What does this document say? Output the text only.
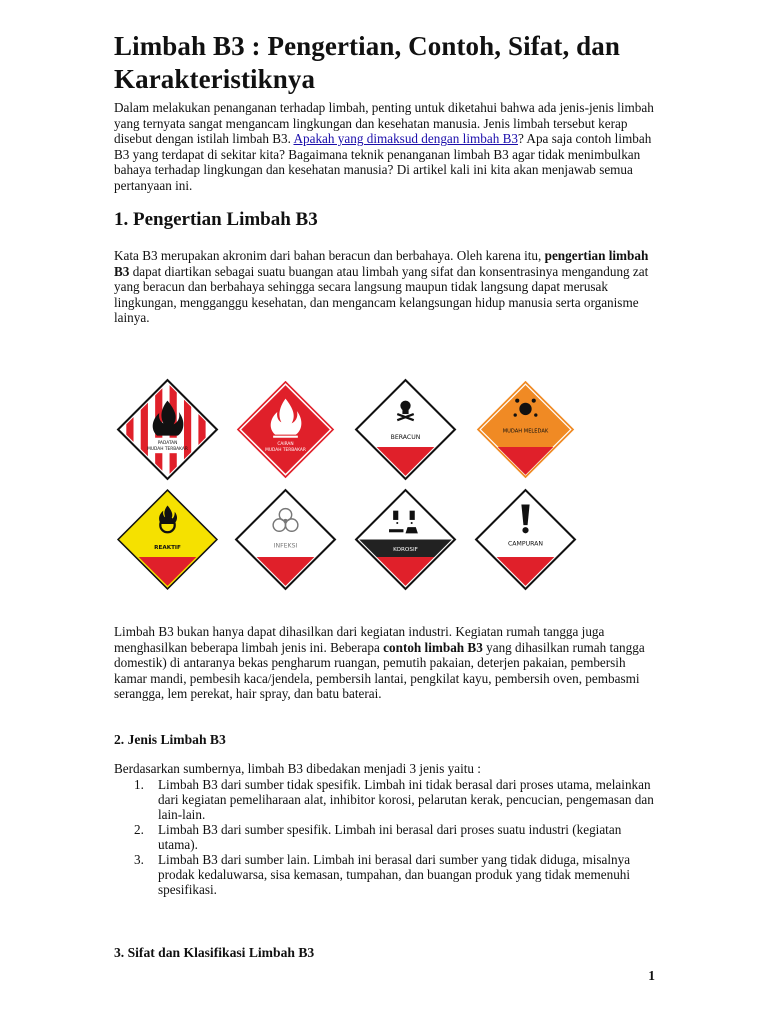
Limbah B3 : Pengertian, Contoh, Sifat, dan Karakteristiknya

Dalam melakukan penanganan terhadap limbah, penting untuk diketahui bahwa ada jenis-jenis limbah yang ternyata sangat mengancam lingkungan dan kesehatan manusia. Jenis limbah tersebut kerap disebut dengan istilah limbah B3. Apakah yang dimaksud dengan limbah B3? Apa saja contoh limbah B3 yang terdapat di sekitar kita? Bagaimana teknik penanganan limbah B3 agar tidak menimbulkan bahaya terhadap lingkungan dan kesehatan manusia? Di artikel kali ini kita akan menjawab semua pertanyaan ini.

1. Pengertian Limbah B3

Kata B3 merupakan akronim dari bahan beracun dan berbahaya. Oleh karena itu, pengertian limbah B3 dapat diartikan sebagai suatu buangan atau limbah yang sifat dan konsentrasinya mengandung zat yang beracun dan berbahaya sehingga secara langsung maupun tidak langsung dapat merusak lingkungan, mengganggu kesehatan, dan mengancam kelangsungan hidup manusia serta organisme lainya.

Limbah B3 bukan hanya dapat dihasilkan dari kegiatan industri. Kegiatan rumah tangga juga menghasilkan beberapa limbah jenis ini. Beberapa contoh limbah B3 yang dihasilkan rumah tangga domestik) di antaranya bekas pengharum ruangan, pemutih pakaian, deterjen pakaian, pembersih kamar mandi, pembesih kaca/jendela, pembersih lantai, pengkilat kayu, pembersih oven, pembasmi serangga, lem perekat, hair spray, dan batu baterai.

2. Jenis Limbah B3

Berdasarkan sumbernya, limbah B3 dibedakan menjadi 3 jenis yaitu :

1. Limbah B3 dari sumber tidak spesifik. Limbah ini tidak berasal dari proses utama, melainkan dari kegiatan pemeliharaan alat, inhibitor korosi, pelarutan kerak, pencucian, pengemasan dan lain-lain.
2. Limbah B3 dari sumber spesifik. Limbah ini berasal dari proses suatu industri (kegiatan utama).
3. Limbah B3 dari sumber lain. Limbah ini berasal dari sumber yang tidak diduga, misalnya prodak kedaluwarsa, sisa kemasan, tumpahan, dan buangan produk yang tidak memenuhi spesifikasi.
3. Sifat dan Klasifikasi Limbah B3
PADATAN
MUDAH TERBAKAR
CAIRAN
MUDAH TERBAKAR
BERACUN
MUDAH MELEDAK
REAKTIF	INFEKSI
KOROSIF
CAMPURAN
1
